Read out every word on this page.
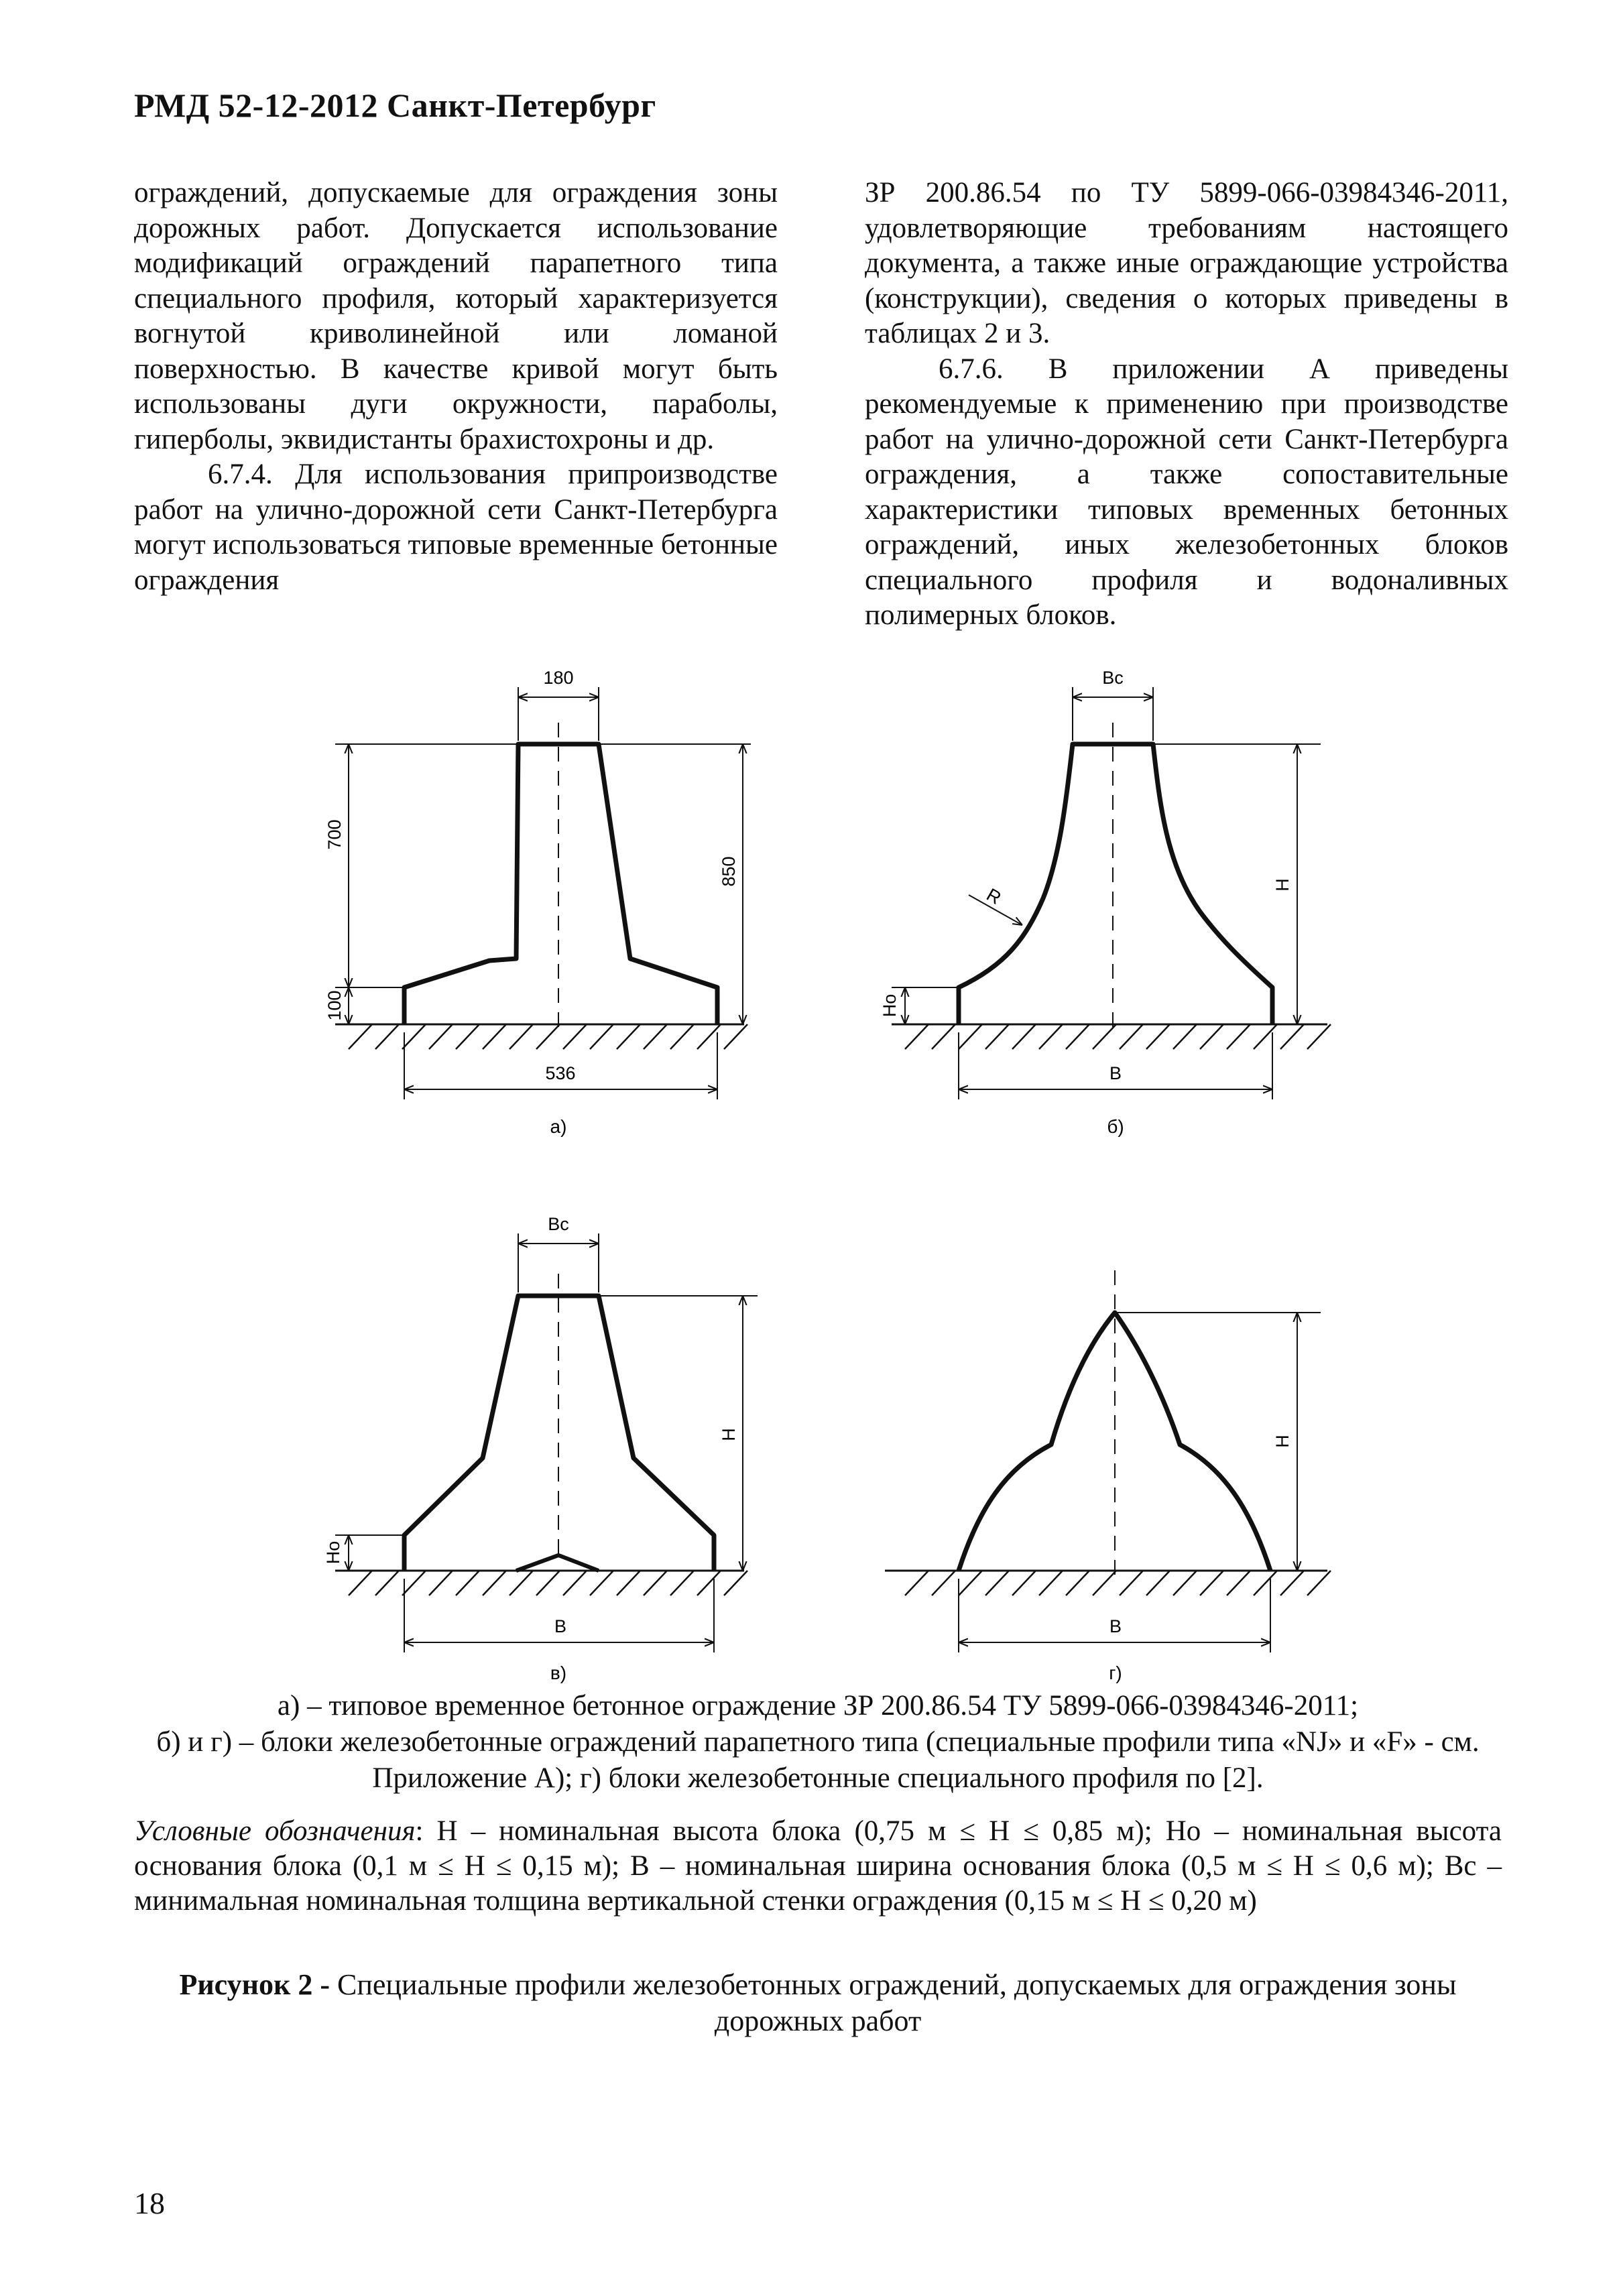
РМД 52-12-2012 Санкт-Петербург

ограждений, допускаемые для ограждения зоны дорожных работ. Допускается использование модификаций ограждений парапетного типа специального профиля, который характеризуется вогнутой криволинейной или ломаной поверхностью. В качестве кривой могут быть использованы дуги окружности, параболы, гиперболы, эквидистанты брахистохроны и др.

6.7.4. Для использования припроизводстве работ на улично-дорожной сети Санкт-Петербурга могут использоваться типовые временные бетонные ограждения

ЗР 200.86.54 по ТУ 5899-066-03984346-2011, удовлетворяющие требованиям настоящего документа, а также иные ограждающие устройства (конструкции), сведения о которых приведены в таблицах 2 и 3.

6.7.6. В приложении А приведены рекомендуемые к применению при производстве работ на улично-дорожной сети Санкт-Петербурга ограждения, а также сопоставительные характеристики типовых временных бетонных ограждений, иных железобетонных блоков специального профиля и водоналивных полимерных блоков.

180
700
100
850
536
а)
Bc
R
Ho
H
B
б)
Bc
Ho
H
B
в)
H
B
г)

а) – типовое временное бетонное ограждение ЗР 200.86.54 ТУ 5899-066-03984346-2011;

б) и г) – блоки железобетонные ограждений парапетного типа (специальные профили типа «NJ» и «F» - см. Приложение А); г) блоки железобетонные специального профиля по [2].

Условные обозначения: Н – номинальная высота блока (0,75 м ≤ Н ≤ 0,85 м); Но – номинальная высота основания блока (0,1 м ≤ Н ≤ 0,15 м); В – номинальная ширина основания блока (0,5 м ≤ Н ≤ 0,6 м); Вс – минимальная номинальная толщина вертикальной стенки ограждения (0,15 м ≤ Н ≤ 0,20 м)
Рисунок 2 - Специальные профили железобетонных ограждений, допускаемых для ограждения зоны дорожных работ
18
